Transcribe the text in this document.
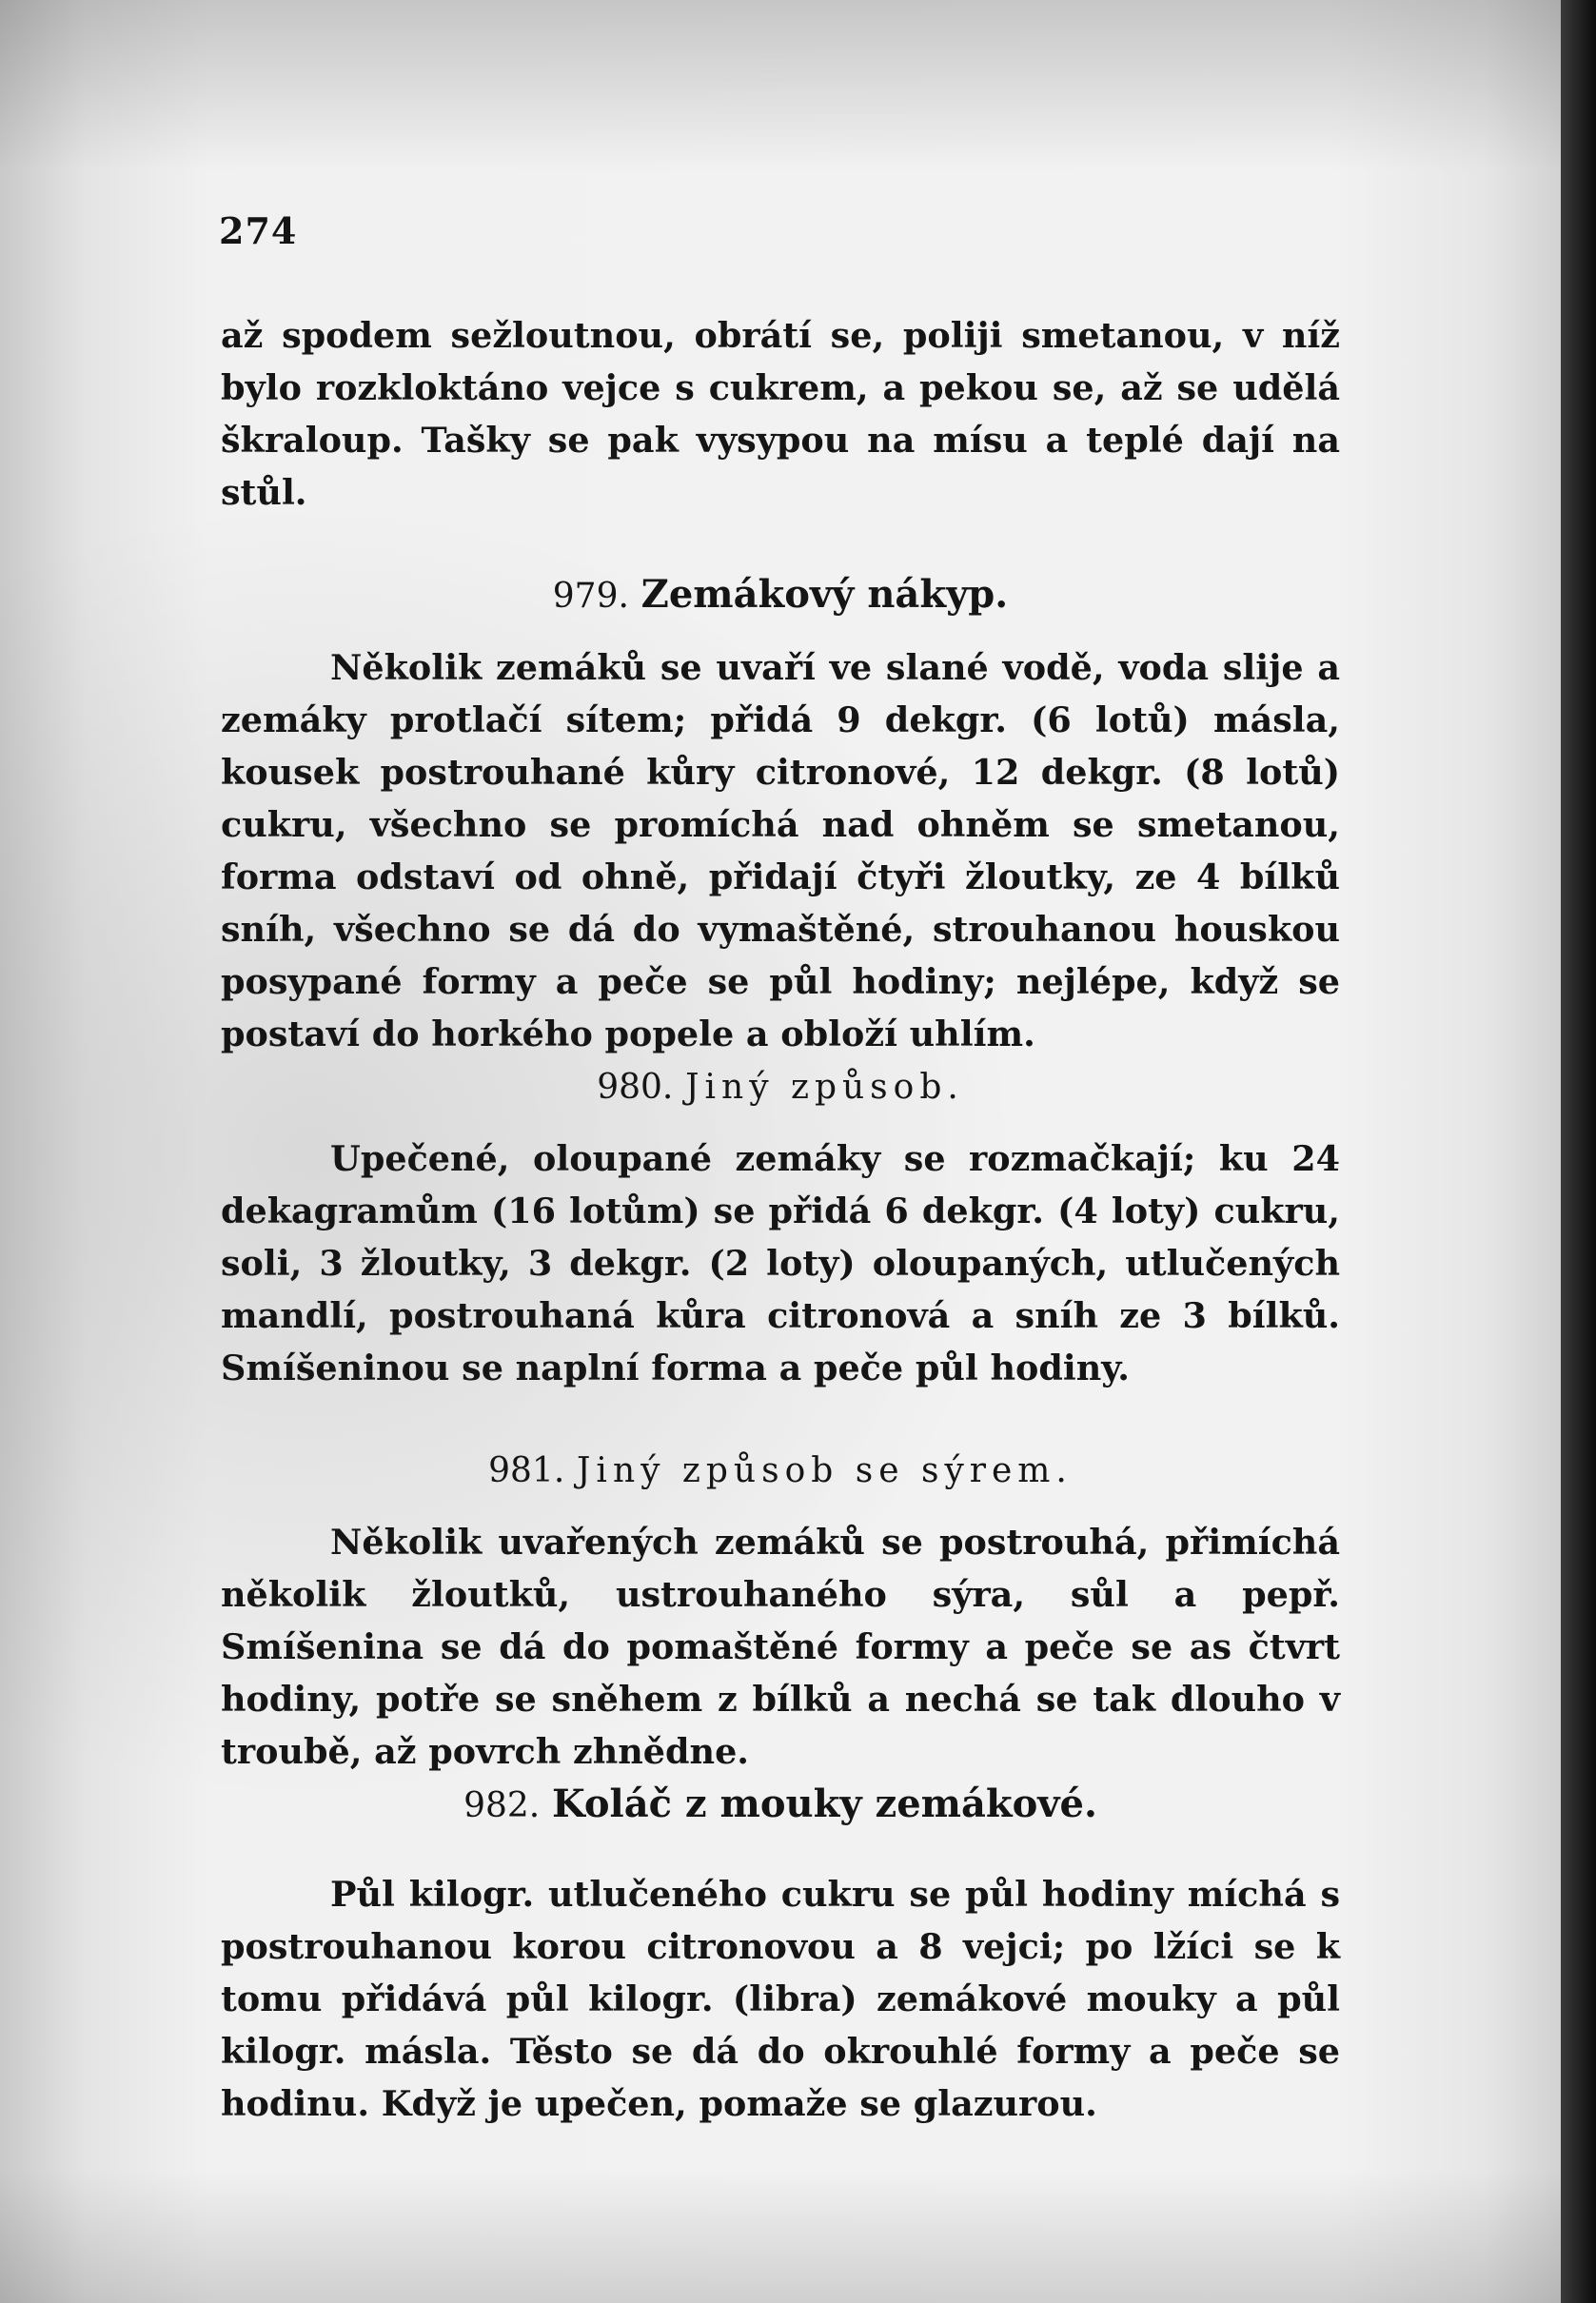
274

až spodem sežloutnou, obrátí se, poliji smetanou, v níž bylo rozkloktáno vejce s cukrem, a pekou se, až se udělá škraloup. Tašky se pak vysypou na mísu a teplé dají na stůl.

979. Zemákový nákyp.

Několik zemáků se uvaří ve slané vodě, voda slije a zemáky protlačí sítem; přidá 9 dekgr. (6 lotů) másla, kousek postrouhané kůry citronové, 12 dekgr. (8 lotů) cukru, všechno se promíchá nad ohněm se smetanou, forma odstaví od ohně, přidají čtyři žloutky, ze 4 bílků sníh, všechno se dá do vymaštěné, strouhanou houskou posypané formy a peče se půl hodiny; nejlépe, když se postaví do horkého popele a obloží uhlím.

980. Jiný způsob.

Upečené, oloupané zemáky se rozmačkají; ku 24 dekagramům (16 lotům) se přidá 6 dekgr. (4 loty) cukru, soli, 3 žloutky, 3 dekgr. (2 loty) oloupaných, utlučených mandlí, postrouhaná kůra citronová a sníh ze 3 bílků. Smíšeninou se naplní forma a peče půl hodiny.

981. Jiný způsob se sýrem.

Několik uvařených zemáků se postrouhá, přimíchá několik žloutků, ustrouhaného sýra, sůl a pepř. Smíšenina se dá do pomaštěné formy a peče se as čtvrt hodiny, potře se sněhem z bílků a nechá se tak dlouho v troubě, až povrch zhnědne.

982. Koláč z mouky zemákové.

Půl kilogr. utlučeného cukru se půl hodiny míchá s postrouhanou korou citronovou a 8 vejci; po lžíci se k tomu přidává půl kilogr. (libra) zemákové mouky a půl kilogr. másla. Těsto se dá do okrouhlé formy a peče se hodinu. Když je upečen, pomaže se glazurou.
